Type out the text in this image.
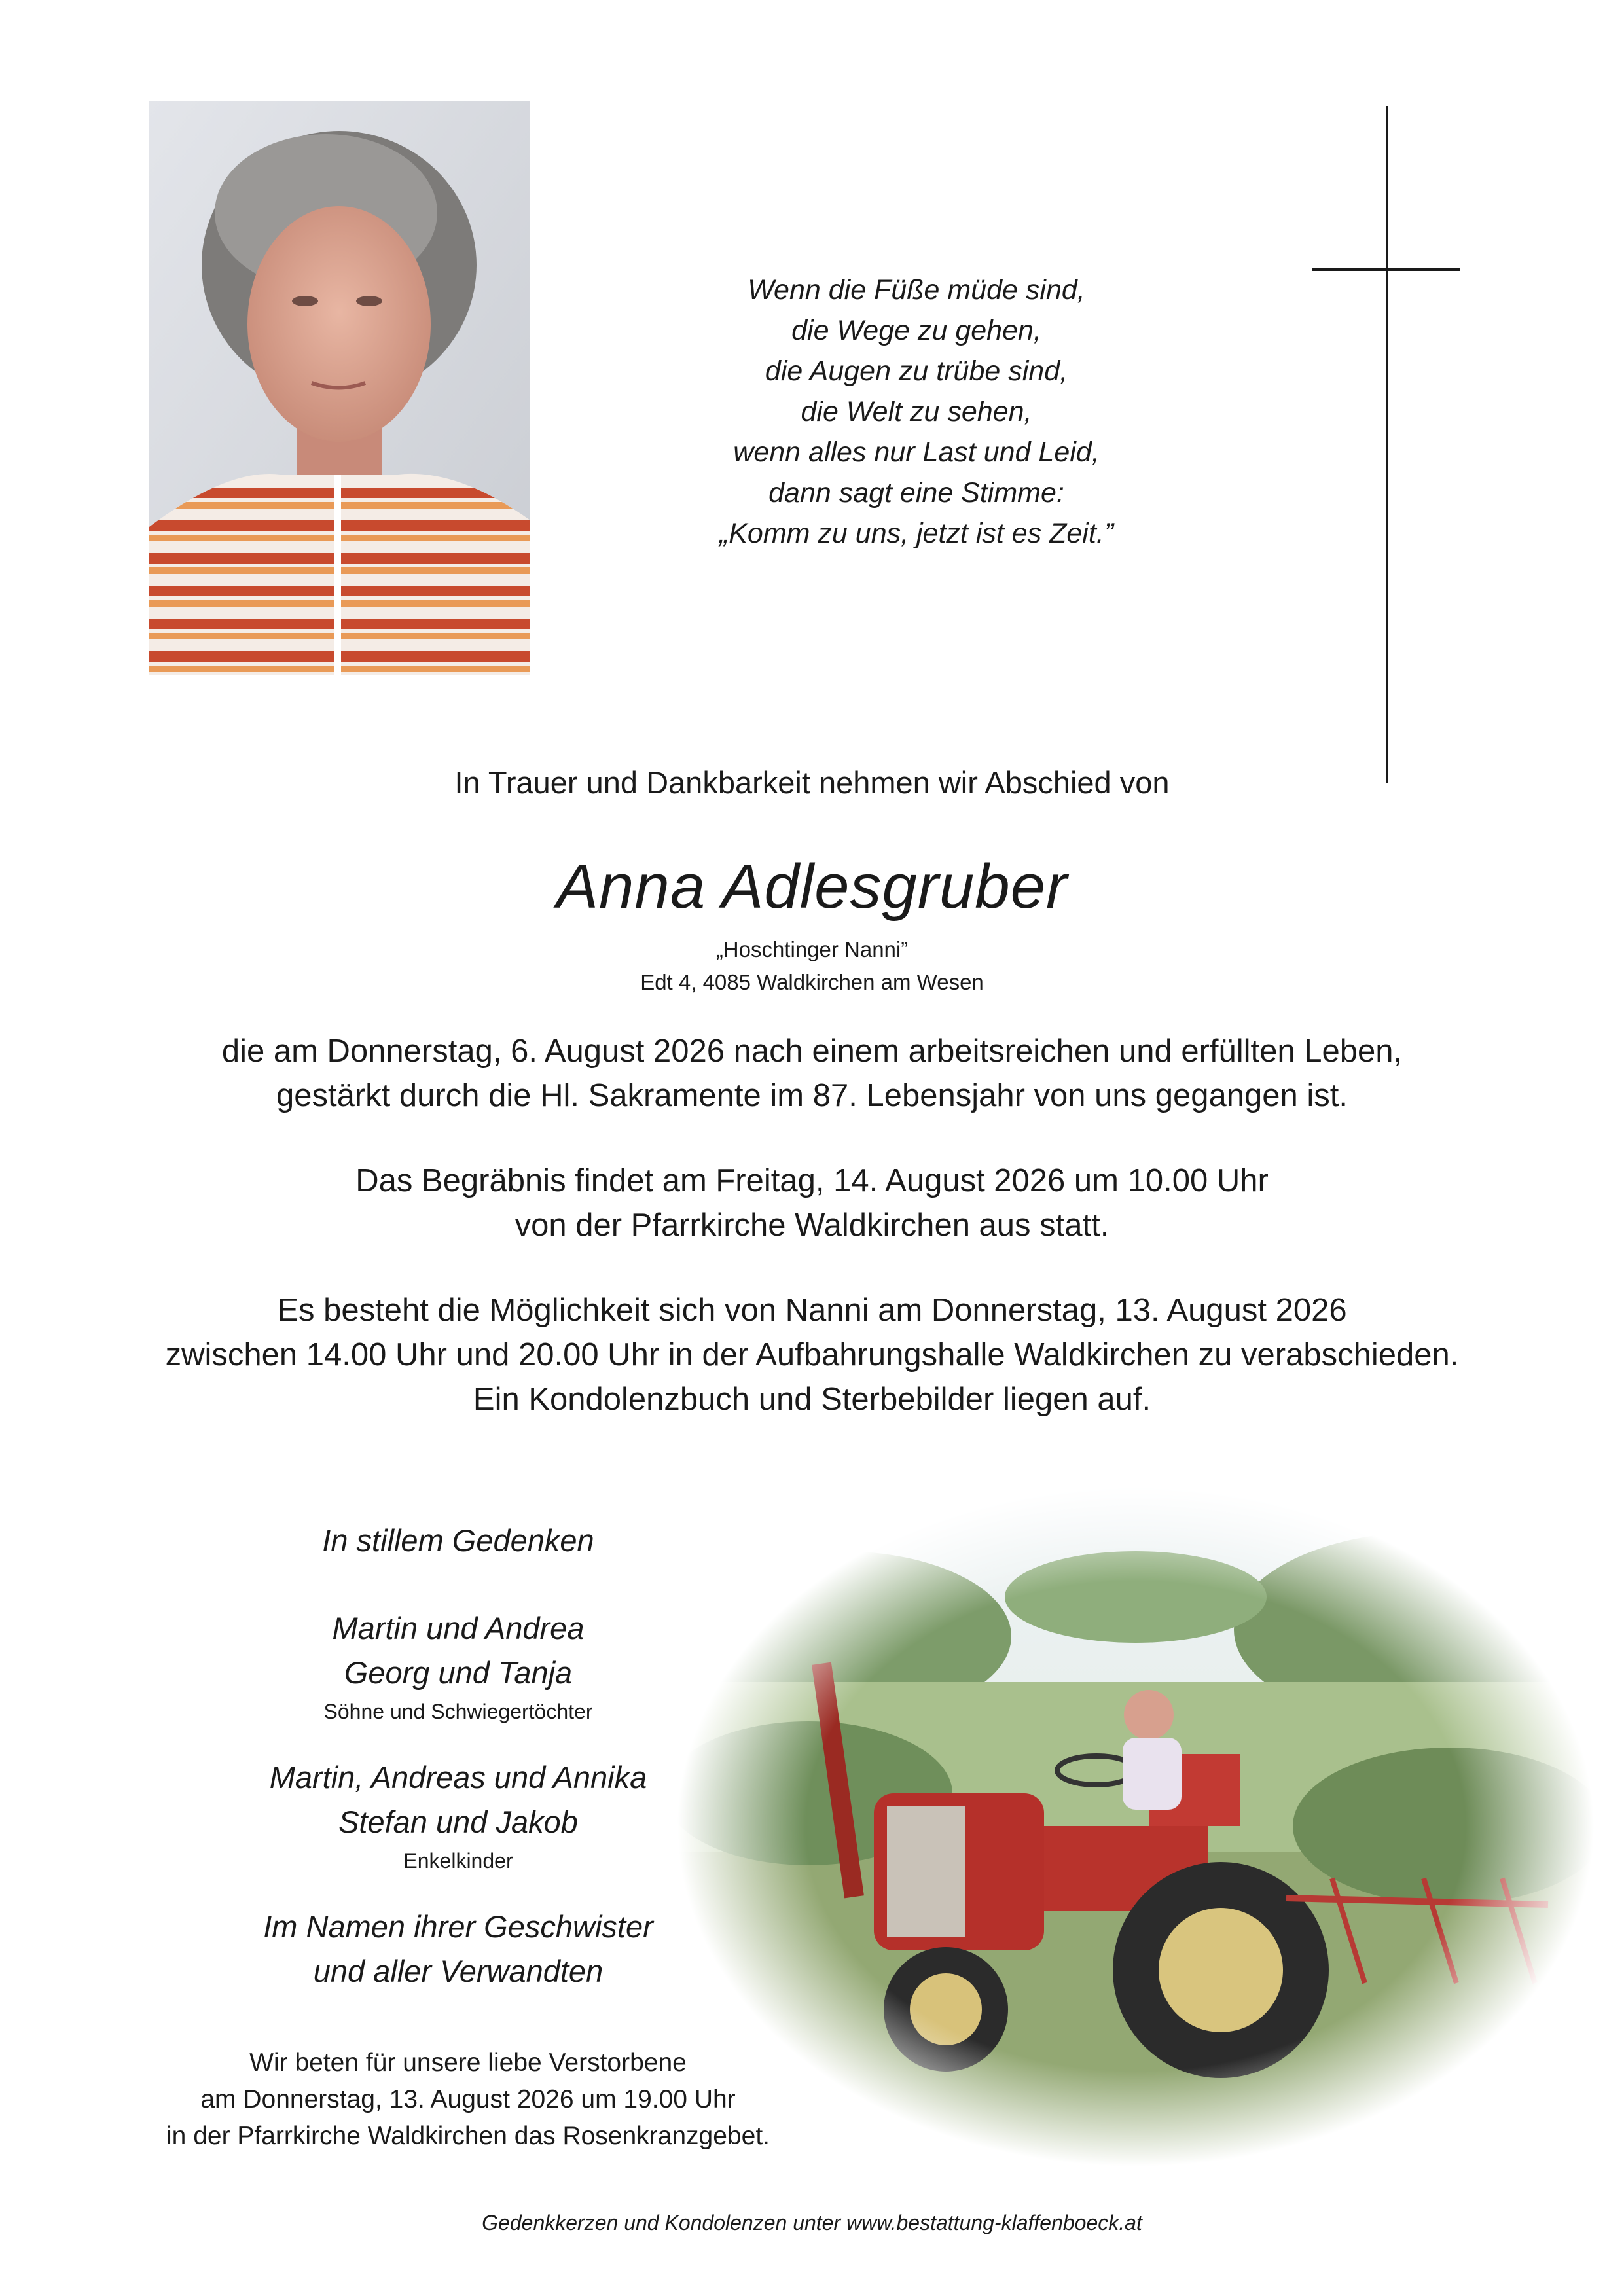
Wenn die Füße müde sind,
die Wege zu gehen,
die Augen zu trübe sind,
die Welt zu sehen,
wenn alles nur Last und Leid,
dann sagt eine Stimme:
„Komm zu uns, jetzt ist es Zeit.”
In Trauer und Dankbarkeit nehmen wir Abschied von
Anna Adlesgruber
„Hoschtinger Nanni”
Edt 4, 4085 Waldkirchen am Wesen
die am Donnerstag, 6. August 2026 nach einem arbeitsreichen und erfüllten Leben,
gestärkt durch die Hl. Sakramente im 87. Lebensjahr von uns gegangen ist.
Das Begräbnis findet am Freitag, 14. August 2026 um 10.00 Uhr
von der Pfarrkirche Waldkirchen aus statt.
Es besteht die Möglichkeit sich von Nanni am Donnerstag, 13. August 2026
zwischen 14.00 Uhr und 20.00 Uhr in der Aufbahrungshalle Waldkirchen zu verabschieden.
Ein Kondolenzbuch und Sterbebilder liegen auf.
In stillem Gedenken
Martin und Andrea
Georg und Tanja
Söhne und Schwiegertöchter
Martin, Andreas und Annika
Stefan und Jakob
Enkelkinder
Im Namen ihrer Geschwister
und aller Verwandten
Wir beten für unsere liebe Verstorbene
am Donnerstag, 13. August 2026 um 19.00 Uhr
in der Pfarrkirche Waldkirchen das Rosenkranzgebet.
Gedenkkerzen und Kondolenzen unter www.bestattung-klaffenboeck.at
